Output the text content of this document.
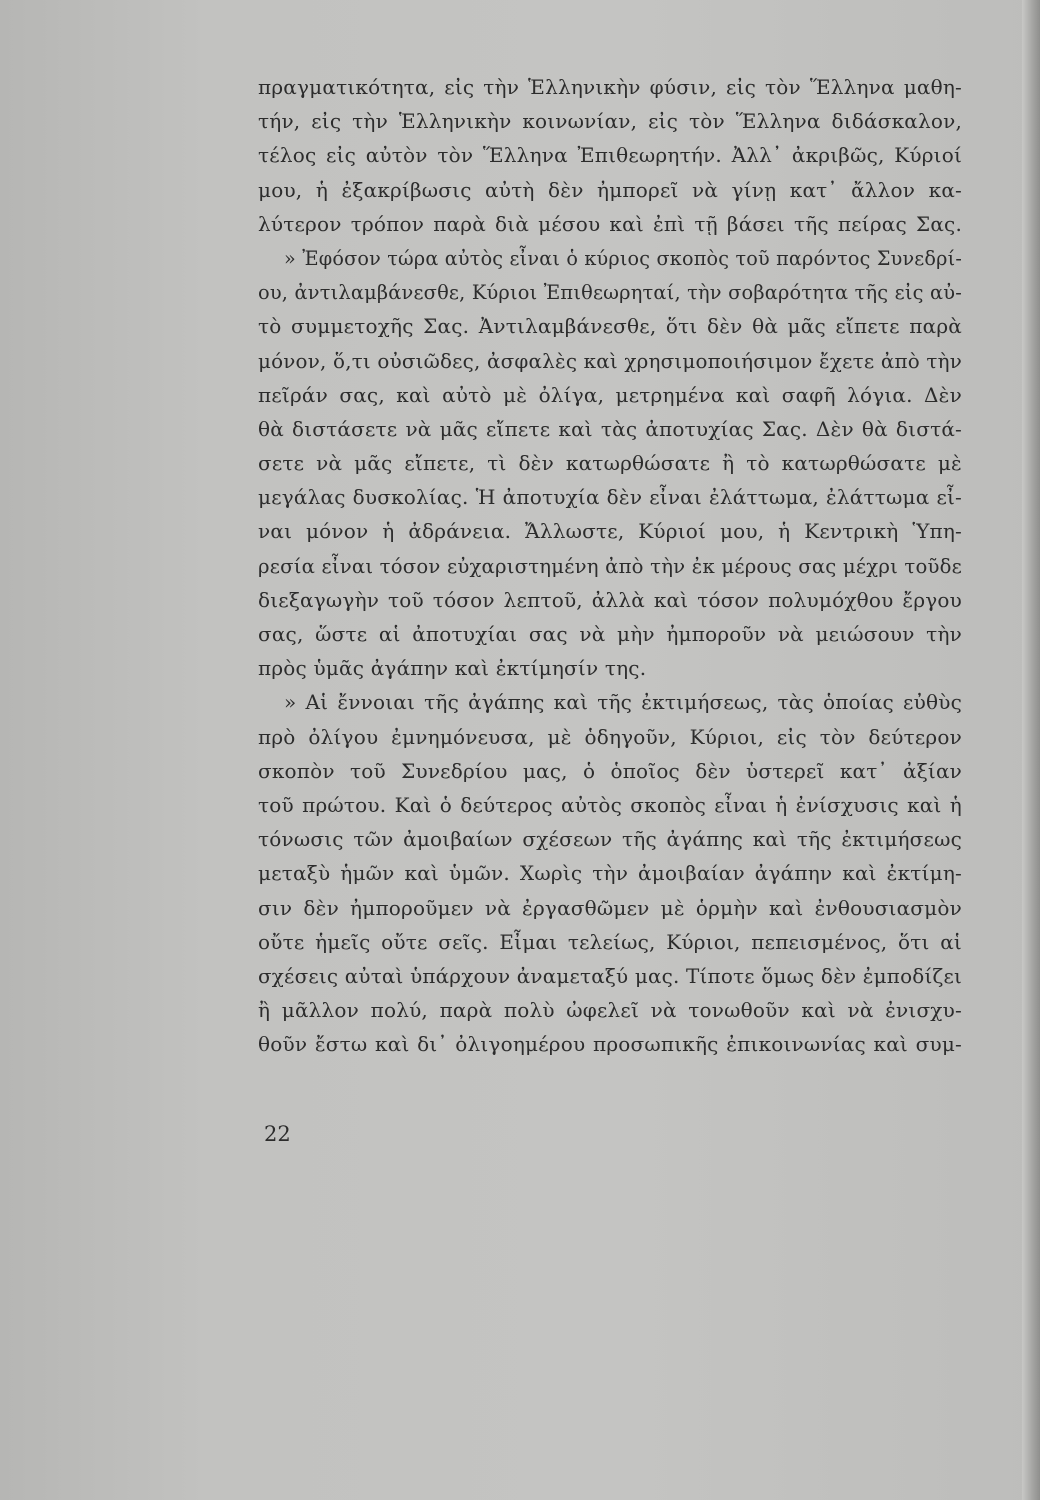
πραγματικότητα, εἰς τὴν Ἑλληνικὴν φύσιν, εἰς τὸν Ἕλληνα μαθη-
τήν, εἰς τὴν Ἑλληνικὴν κοινωνίαν, εἰς τὸν Ἕλληνα διδάσκαλον,
τέλος εἰς αὐτὸν τὸν Ἕλληνα Ἐπιθεωρητήν. Ἀλλ᾽ ἀκριβῶς, Κύριοί
μου, ἡ ἐξακρίβωσις αὐτὴ δὲν ἠμπορεῖ νὰ γίνῃ κατ᾽ ἄλλον κα-
λύτερον τρόπον παρὰ διὰ μέσου καὶ ἐπὶ τῇ βάσει τῆς πείρας Σας.
» Ἐφόσον τώρα αὐτὸς εἶναι ὁ κύριος σκοπὸς τοῦ παρόντος Συνεδρί-
ου, ἀντιλαμβάνεσθε, Κύριοι Ἐπιθεωρηταί, τὴν σοβαρότητα τῆς εἰς αὐ-
τὸ συμμετοχῆς Σας. Ἀντιλαμβάνεσθε, ὅτι δὲν θὰ μᾶς εἴπετε παρὰ
μόνον, ὅ,τι οὐσιῶδες, ἀσφαλὲς καὶ χρησιμοποιήσιμον ἔχετε ἀπὸ τὴν
πεῖράν σας, καὶ αὐτὸ μὲ ὀλίγα, μετρημένα καὶ σαφῆ λόγια. Δὲν
θὰ διστάσετε νὰ μᾶς εἴπετε καὶ τὰς ἀποτυχίας Σας. Δὲν θὰ διστά-
σετε νὰ μᾶς εἴπετε, τὶ δὲν κατωρθώσατε ἢ τὸ κατωρθώσατε μὲ
μεγάλας δυσκολίας. Ἡ ἀποτυχία δὲν εἶναι ἐλάττωμα, ἐλάττωμα εἶ-
ναι μόνον ἡ ἀδράνεια. Ἄλλωστε, Κύριοί μου, ἡ Κεντρικὴ Ὑπη-
ρεσία εἶναι τόσον εὐχαριστημένη ἀπὸ τὴν ἐκ μέρους σας μέχρι τοῦδε
διεξαγωγὴν τοῦ τόσον λεπτοῦ, ἀλλὰ καὶ τόσον πολυμόχθου ἔργου
σας, ὥστε αἱ ἀποτυχίαι σας νὰ μὴν ἠμποροῦν νὰ μειώσουν τὴν
πρὸς ὑμᾶς ἀγάπην καὶ ἐκτίμησίν της.
» Αἱ ἔννοιαι τῆς ἀγάπης καὶ τῆς ἐκτιμήσεως, τὰς ὁποίας εὐθὺς
πρὸ ὀλίγου ἐμνημόνευσα, μὲ ὁδηγοῦν, Κύριοι, εἰς τὸν δεύτερον
σκοπὸν τοῦ Συνεδρίου μας, ὁ ὁποῖος δὲν ὑστερεῖ κατ᾽ ἀξίαν
τοῦ πρώτου. Καὶ ὁ δεύτερος αὐτὸς σκοπὸς εἶναι ἡ ἐνίσχυσις καὶ ἡ
τόνωσις τῶν ἀμοιβαίων σχέσεων τῆς ἀγάπης καὶ τῆς ἐκτιμήσεως
μεταξὺ ἡμῶν καὶ ὑμῶν. Χωρὶς τὴν ἀμοιβαίαν ἀγάπην καὶ ἐκτίμη-
σιν δὲν ἠμποροῦμεν νὰ ἐργασθῶμεν μὲ ὁρμὴν καὶ ἐνθουσιασμὸν
οὔτε ἡμεῖς οὔτε σεῖς. Εἶμαι τελείως, Κύριοι, πεπεισμένος, ὅτι αἱ
σχέσεις αὐταὶ ὑπάρχουν ἀναμεταξύ μας. Τίποτε ὅμως δὲν ἐμποδίζει
ἢ μᾶλλον πολύ, παρὰ πολὺ ὠφελεῖ νὰ τονωθοῦν καὶ νὰ ἐνισχυ-
θοῦν ἔστω καὶ δι᾽ ὀλιγοημέρου προσωπικῆς ἐπικοινωνίας καὶ συμ-
22
